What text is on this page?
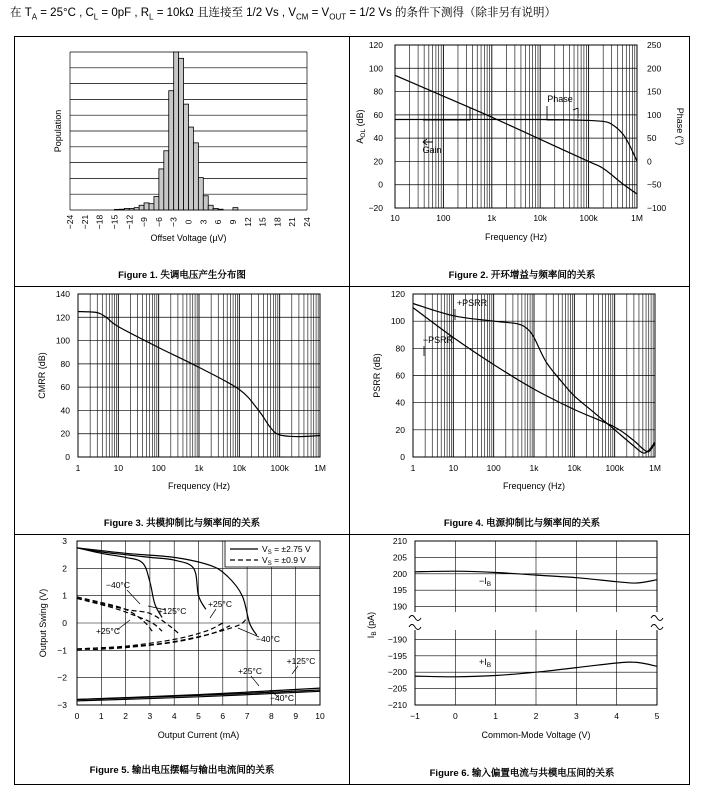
在 $T_A = 25^\circ C$ , $C_L = 0pF$ , $R_L = 10k\Omega$ 且连接至 1/2 Vs , $V_{CM} = V_{OUT} = 1/2$ Vs 的条件下测得（除非另有说明）
−24 −21 −18 −15 −12 −9 −6 −3 0 3 6 9 12 15 18 21 24
Offset Voltage (µV)
Population
Figure 1. 失调电压产生分布图
−20
0
20
40
60
80
100
120
−100
−50
0
50
100
150
200
250
10	100	1k	10k	100k	1M
Frequency (Hz)
$A_{OL}$ (dB)	Phase (°)
Gain
Phase
Figure 2. 开环增益与频率间的关系
0
20
40
60
80
100
120
140
1	10	100	1k	10k	100k	1M
Frequency (Hz)
CMRR (dB)
Figure 3. 共模抑制比与频率间的关系
0
20
40
60
80
100
120
1	10	100	1k	10k	100k	1M
Frequency (Hz)
PSRR (dB)
+PSRR
−PSRR
Figure 4. 电源抑制比与频率间的关系
−3
−2
−1
0
1
2
3
0 1 2 3 4 5 6 7 8 9 10
Output Current (mA)
Output Swing (V)
$V_S = \pm 2.75$ V
$V_S = \pm 0.9$ V
−40°C
+125°C
+25°C
+25°C
−40°C
+125°C
+25°C
−40°C
Figure 5. 输出电压摆幅与输出电流间的关系
190
195
200
205
210
−190
−195
−200
−205
−210
−1	0	1	2	3	4	5
Common-Mode Voltage (V)
$I_B$ (pA)
$-I_B$
$+I_B$
Figure 6. 输入偏置电流与共模电压间的关系
